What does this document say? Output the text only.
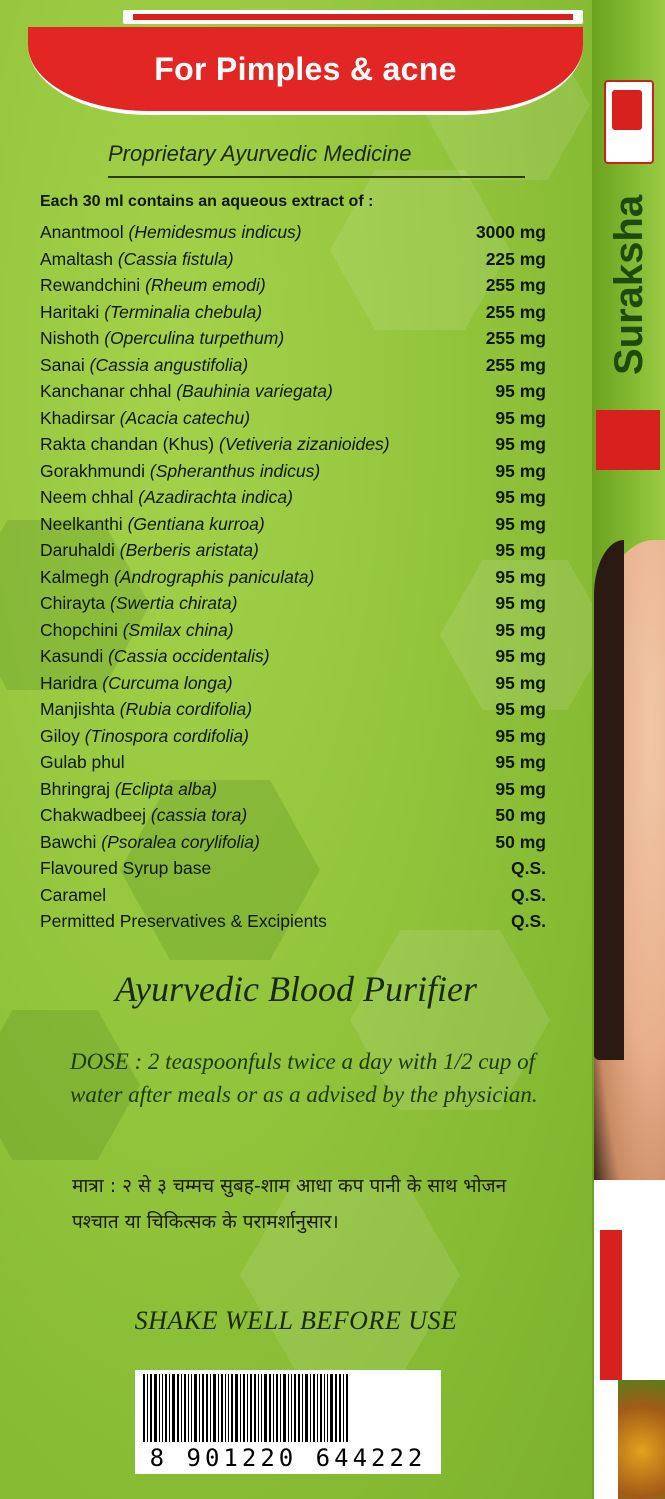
Suraksha
For Pimples & acne
Proprietary Ayurvedic Medicine
Each 30 ml contains an aqueous extract of :
Anantmool (Hemidesmus indicus)	3000 mg
Amaltash (Cassia fistula)	225 mg
Rewandchini (Rheum emodi)	255 mg
Haritaki (Terminalia chebula)	255 mg
Nishoth (Operculina turpethum)	255 mg
Sanai (Cassia angustifolia)	255 mg
Kanchanar chhal (Bauhinia variegata)	95 mg
Khadirsar (Acacia catechu)	95 mg
Rakta chandan (Khus) (Vetiveria zizanioides)	95 mg
Gorakhmundi (Spheranthus indicus)	95 mg
Neem chhal (Azadirachta indica)	95 mg
Neelkanthi (Gentiana kurroa)	95 mg
Daruhaldi (Berberis aristata)	95 mg
Kalmegh (Andrographis paniculata)	95 mg
Chirayta (Swertia chirata)	95 mg
Chopchini (Smilax china)	95 mg
Kasundi (Cassia occidentalis)	95 mg
Haridra (Curcuma longa)	95 mg
Manjishta (Rubia cordifolia)	95 mg
Giloy (Tinospora cordifolia)	95 mg
Gulab phul	95 mg
Bhringraj (Eclipta alba)	95 mg
Chakwadbeej (cassia tora)	50 mg
Bawchi (Psoralea corylifolia)	50 mg
Flavoured Syrup base	Q.S.
Caramel	Q.S.
Permitted Preservatives & Excipients	Q.S.
Ayurvedic Blood Purifier
DOSE : 2 teaspoonfuls twice a day with 1/2 cup of water after meals or as a advised by the physician.
मात्रा : २ से ३ चम्मच सुबह-शाम आधा कप पानी के साथ भोजन पश्चात या चिकित्सक के परामर्शानुसार।
SHAKE WELL BEFORE USE
8 901220 644222
